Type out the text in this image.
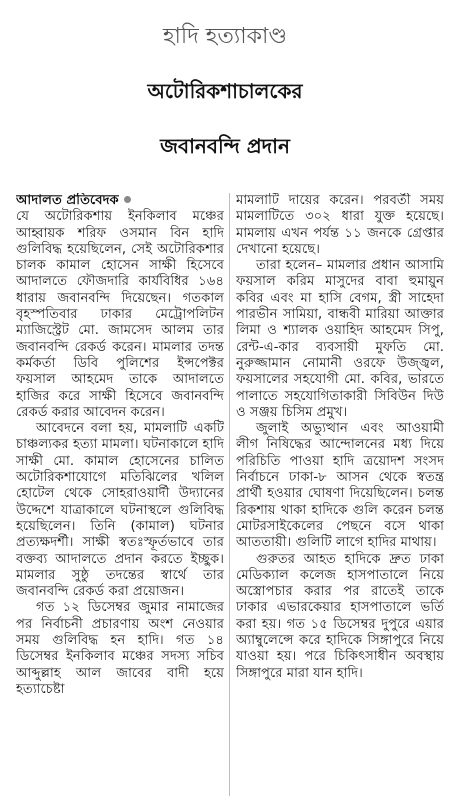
হাদি হত্যাকাণ্ড
অটোরিকশাচালকের
জবানবন্দি প্রদান
আদালত প্রতিবেদক

যে অটোরিকশায় ইনকিলাব মঞ্চের আহ্বায়ক শরিফ ওসমান বিন হাদি গুলিবিদ্ধ হয়েছিলেন, সেই অটোরিকশার চালক কামাল হোসেন সাক্ষী হিসেবে আদালতে ফৌজদারি কার্যবিধির ১৬৪ ধারায় জবানবন্দি দিয়েছেন। গতকাল বৃহস্পতিবার ঢাকার মেট্রোপলিটন ম্যাজিস্ট্রেট মো. জামসেদ আলম তার জবানবন্দি রেকর্ড করেন। মামলার তদন্ত কর্মকর্তা ডিবি পুলিশের ইন্সপেক্টর ফয়সাল আহমেদ তাকে আদালতে হাজির করে সাক্ষী হিসেবে জবানবন্দি রেকর্ড করার আবেদন করেন।

আবেদনে বলা হয়, মামলাটি একটি চাঞ্চল্যকর হত্যা মামলা। ঘটনাকালে হাদি সাক্ষী মো. কামাল হোসেনের চালিত অটোরিকশাযোগে মতিঝিলের খলিল হোটেল থেকে সোহরাওয়ার্দী উদ্যানের উদ্দেশে যাত্রাকালে ঘটনাস্থলে গুলিবিদ্ধ হয়েছিলেন। তিনি (কামাল) ঘটনার প্রত্যক্ষদর্শী। সাক্ষী স্বতঃস্ফূর্তভাবে তার বক্তব্য আদালতে প্রদান করতে ইচ্ছুক। মামলার সুষ্ঠু তদন্তের স্বার্থে তার জবানবন্দি রেকর্ড করা প্রয়োজন।

গত ১২ ডিসেম্বর জুমার নামাজের পর নির্বাচনী প্রচারণায় অংশ নেওয়ার সময় গুলিবিদ্ধ হন হাদি। গত ১৪ ডিসেম্বর ইনকিলাব মঞ্চের সদস্য সচিব আব্দুল্লাহ আল জাবের বাদী হয়ে হত্যাচেষ্টা

মামলাটি দায়ের করেন। পরবর্তী সময় মামলাটিতে ৩০২ ধারা যুক্ত হয়েছে। মামলায় এখন পর্যন্ত ১১ জনকে গ্রেপ্তার দেখানো হয়েছে।

তারা হলেন– মামলার প্রধান আসামি ফয়সাল করিম মাসুদের বাবা হুমায়ুন কবির এবং মা হাসি বেগম, স্ত্রী সাহেদা পারভীন সামিয়া, বান্ধবী মারিয়া আক্তার লিমা ও শ্যালক ওয়াহিদ আহমেদ সিপু, রেন্ট-এ-কার ব্যবসায়ী মুফতি মো. নুরুজ্জামান নোমানী ওরফে উজ্জ্বল, ফয়সালের সহযোগী মো. কবির, ভারতে পালাতে সহযোগিতাকারী সিবিউন দিউ ও সঞ্জয় চিসিম প্রমুখ।

জুলাই অভ্যুত্থান এবং আওয়ামী লীগ নিষিদ্ধের আন্দোলনের মধ্য দিয়ে পরিচিতি পাওয়া হাদি ত্রয়োদশ সংসদ নির্বাচনে ঢাকা-৮ আসন থেকে স্বতন্ত্র প্রার্থী হওয়ার ঘোষণা দিয়েছিলেন। চলন্ত রিকশায় থাকা হাদিকে গুলি করেন চলন্ত মোটরসাইকেলের পেছনে বসে থাকা আততায়ী। গুলিটি লাগে হাদির মাথায়।

গুরুতর আহত হাদিকে দ্রুত ঢাকা মেডিক্যাল কলেজ হাসপাতালে নিয়ে অস্ত্রোপচার করার পর রাতেই তাকে ঢাকার এভারকেয়ার হাসপাতালে ভর্তি করা হয়। গত ১৫ ডিসেম্বর দুপুরে এয়ার অ্যাম্বুলেন্সে করে হাদিকে সিঙ্গাপুরে নিয়ে যাওয়া হয়। পরে চিকিৎসাধীন অবস্থায় সিঙ্গাপুরে মারা যান হাদি।
